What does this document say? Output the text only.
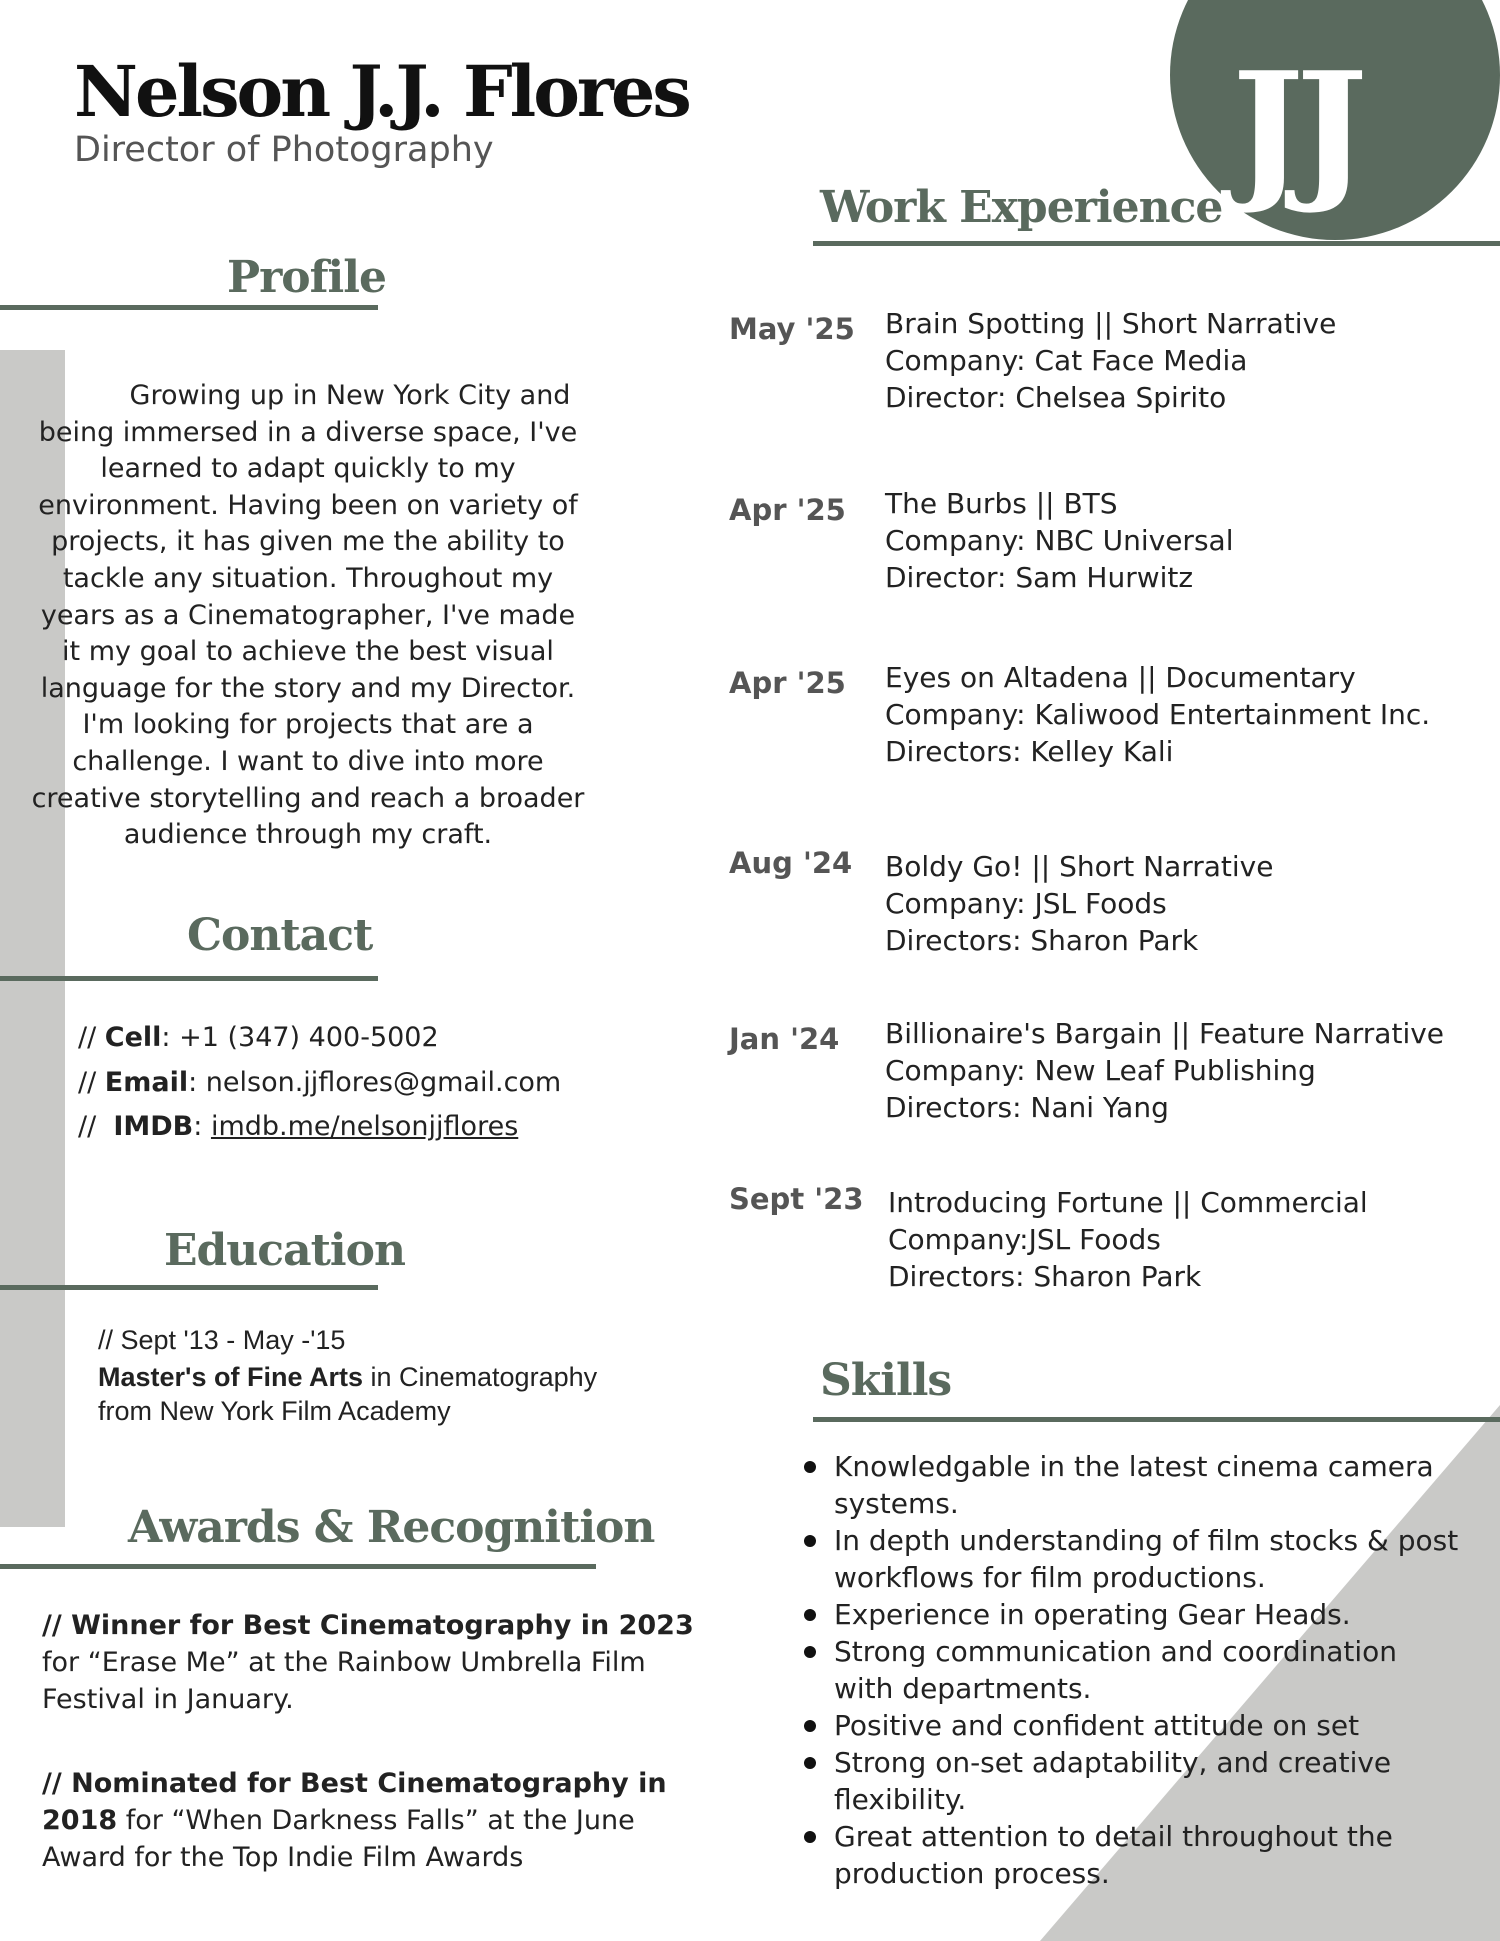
JJ
Nelson J.J. Flores
Director of Photography
Profile
Growing up in New York City and being immersed in a diverse space, I've learned to adapt quickly to my environment. Having been on variety of projects, it has given me the ability to tackle any situation. Throughout my years as a Cinematographer, I've made it my goal to achieve the best visual language for the story and my Director. I'm looking for projects that are a challenge. I want to dive into more creative storytelling and reach a broader audience through my craft.
Contact
// Cell: +1 (347) 400-5002
// Email: nelson.jjflores@gmail.com
//  IMDB: imdb.me/nelsonjjflores
Education
// Sept '13 - May -'15
Master's of Fine Arts in Cinematography
from New York Film Academy
Awards & Recognition
// Winner for Best Cinematography in 2023 for “Erase Me” at the Rainbow Umbrella Film Festival in January.
// Nominated for Best Cinematography in 2018 for “When Darkness Falls” at the June Award for the Top Indie Film Awards
Work Experience
May '25 Brain Spotting || Short Narrative
Company: Cat Face Media
Director: Chelsea Spirito
Apr '25 The Burbs || BTS
Company: NBC Universal
Director: Sam Hurwitz
Apr '25 Eyes on Altadena || Documentary
Company: Kaliwood Entertainment Inc.
Directors: Kelley Kali
Aug '24 Boldy Go! || Short Narrative
Company: JSL Foods
Directors: Sharon Park
Jan '24 Billionaire's Bargain || Feature Narrative
Company: New Leaf Publishing
Directors: Nani Yang
Sept '23 Introducing Fortune || Commercial
Company:JSL Foods
Directors: Sharon Park
Skills
Knowledgable in the latest cinema camera systems.
In depth understanding of film stocks & post workflows for film productions.
Experience in operating Gear Heads.
Strong communication and coordination with departments.
Positive and confident attitude on set
Strong on-set adaptability, and creative flexibility.
Great attention to detail throughout the production process.
